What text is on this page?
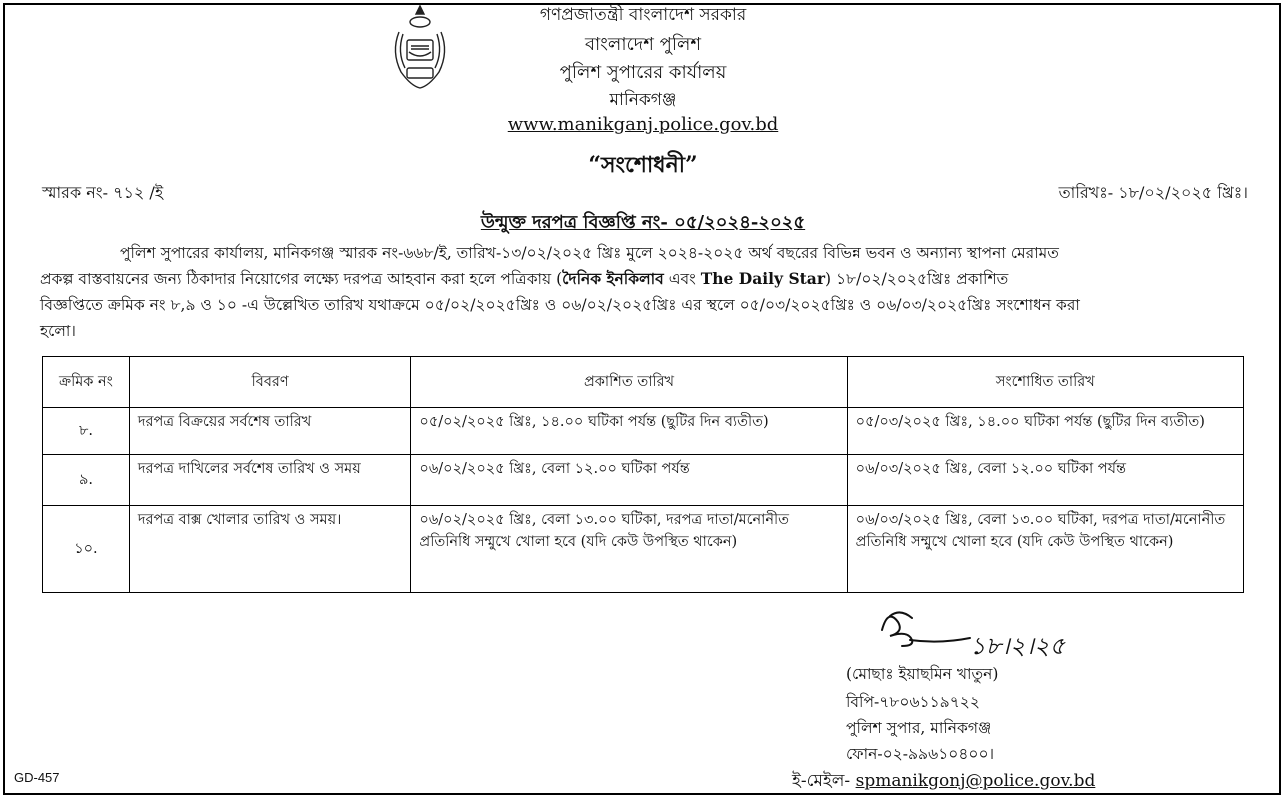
গণপ্রজাতন্ত্রী বাংলাদেশ সরকার
বাংলাদেশ পুলিশ
পুলিশ সুপারের কার্যালয়
মানিকগঞ্জ
www.manikganj.police.gov.bd
“সংশোধনী”
স্মারক নং- ৭১২ /ই	তারিখঃ- ১৮/০২/২০২৫ খ্রিঃ।
উন্মুক্ত দরপত্র বিজ্ঞপ্তি নং- ০৫/২০২৪-২০২৫
পুলিশ সুপারের কার্যালয়, মানিকগঞ্জ স্মারক নং-৬৬৮/ই, তারিখ-১৩/০২/২০২৫ খ্রিঃ মুলে ২০২৪-২০২৫ অর্থ বছরের বিভিন্ন ভবন ও অন্যান্য স্থাপনা মেরামত
প্রকল্প বাস্তবায়নের জন্য ঠিকাদার নিয়োগের লক্ষ্যে দরপত্র আহবান করা হলে পত্রিকায় (দৈনিক ইনকিলাব এবং The Daily Star) ১৮/০২/২০২৫খ্রিঃ প্রকাশিত
বিজ্ঞপ্তিতে ক্রমিক নং ৮,৯ ও ১০ -এ উল্লেখিত তারিখ যথাক্রমে ০৫/০২/২০২৫খ্রিঃ ও ০৬/০২/২০২৫খ্রিঃ এর স্থলে ০৫/০৩/২০২৫খ্রিঃ ও ০৬/০৩/২০২৫খ্রিঃ সংশোধন করা
হলো।
ক্রমিক নং	বিবরণ	প্রকাশিত তারিখ	সংশোধিত তারিখ
৮.	দরপত্র বিক্রয়ের সর্বশেষ তারিখ	০৫/০২/২০২৫ খ্রিঃ, ১৪.০০ ঘটিকা পর্যন্ত (ছুটির দিন ব্যতীত)	০৫/০৩/২০২৫ খ্রিঃ, ১৪.০০ ঘটিকা পর্যন্ত (ছুটির দিন ব্যতীত)
৯.	দরপত্র দাখিলের সর্বশেষ তারিখ ও সময়	০৬/০২/২০২৫ খ্রিঃ, বেলা ১২.০০ ঘটিকা পর্যন্ত	০৬/০৩/২০২৫ খ্রিঃ, বেলা ১২.০০ ঘটিকা পর্যন্ত
১০.	দরপত্র বাক্স খোলার তারিখ ও সময়।	০৬/০২/২০২৫ খ্রিঃ, বেলা ১৩.০০ ঘটিকা, দরপত্র দাতা/মনোনীত প্রতিনিধি সম্মুখে খোলা হবে (যদি কেউ উপস্থিত থাকেন)	০৬/০৩/২০২৫ খ্রিঃ, বেলা ১৩.০০ ঘটিকা, দরপত্র দাতা/মনোনীত প্রতিনিধি সম্মুখে খোলা হবে (যদি কেউ উপস্থিত থাকেন)
১৮।২।২৫
(মোছাঃ ইয়াছমিন খাতুন)
বিপি-৭৮০৬১১৯৭২২
পুলিশ সুপার, মানিকগঞ্জ
ফোন-০২-৯৯৬১০৪০০।
ই-মেইল- spmanikgonj@police.gov.bd
GD-457
